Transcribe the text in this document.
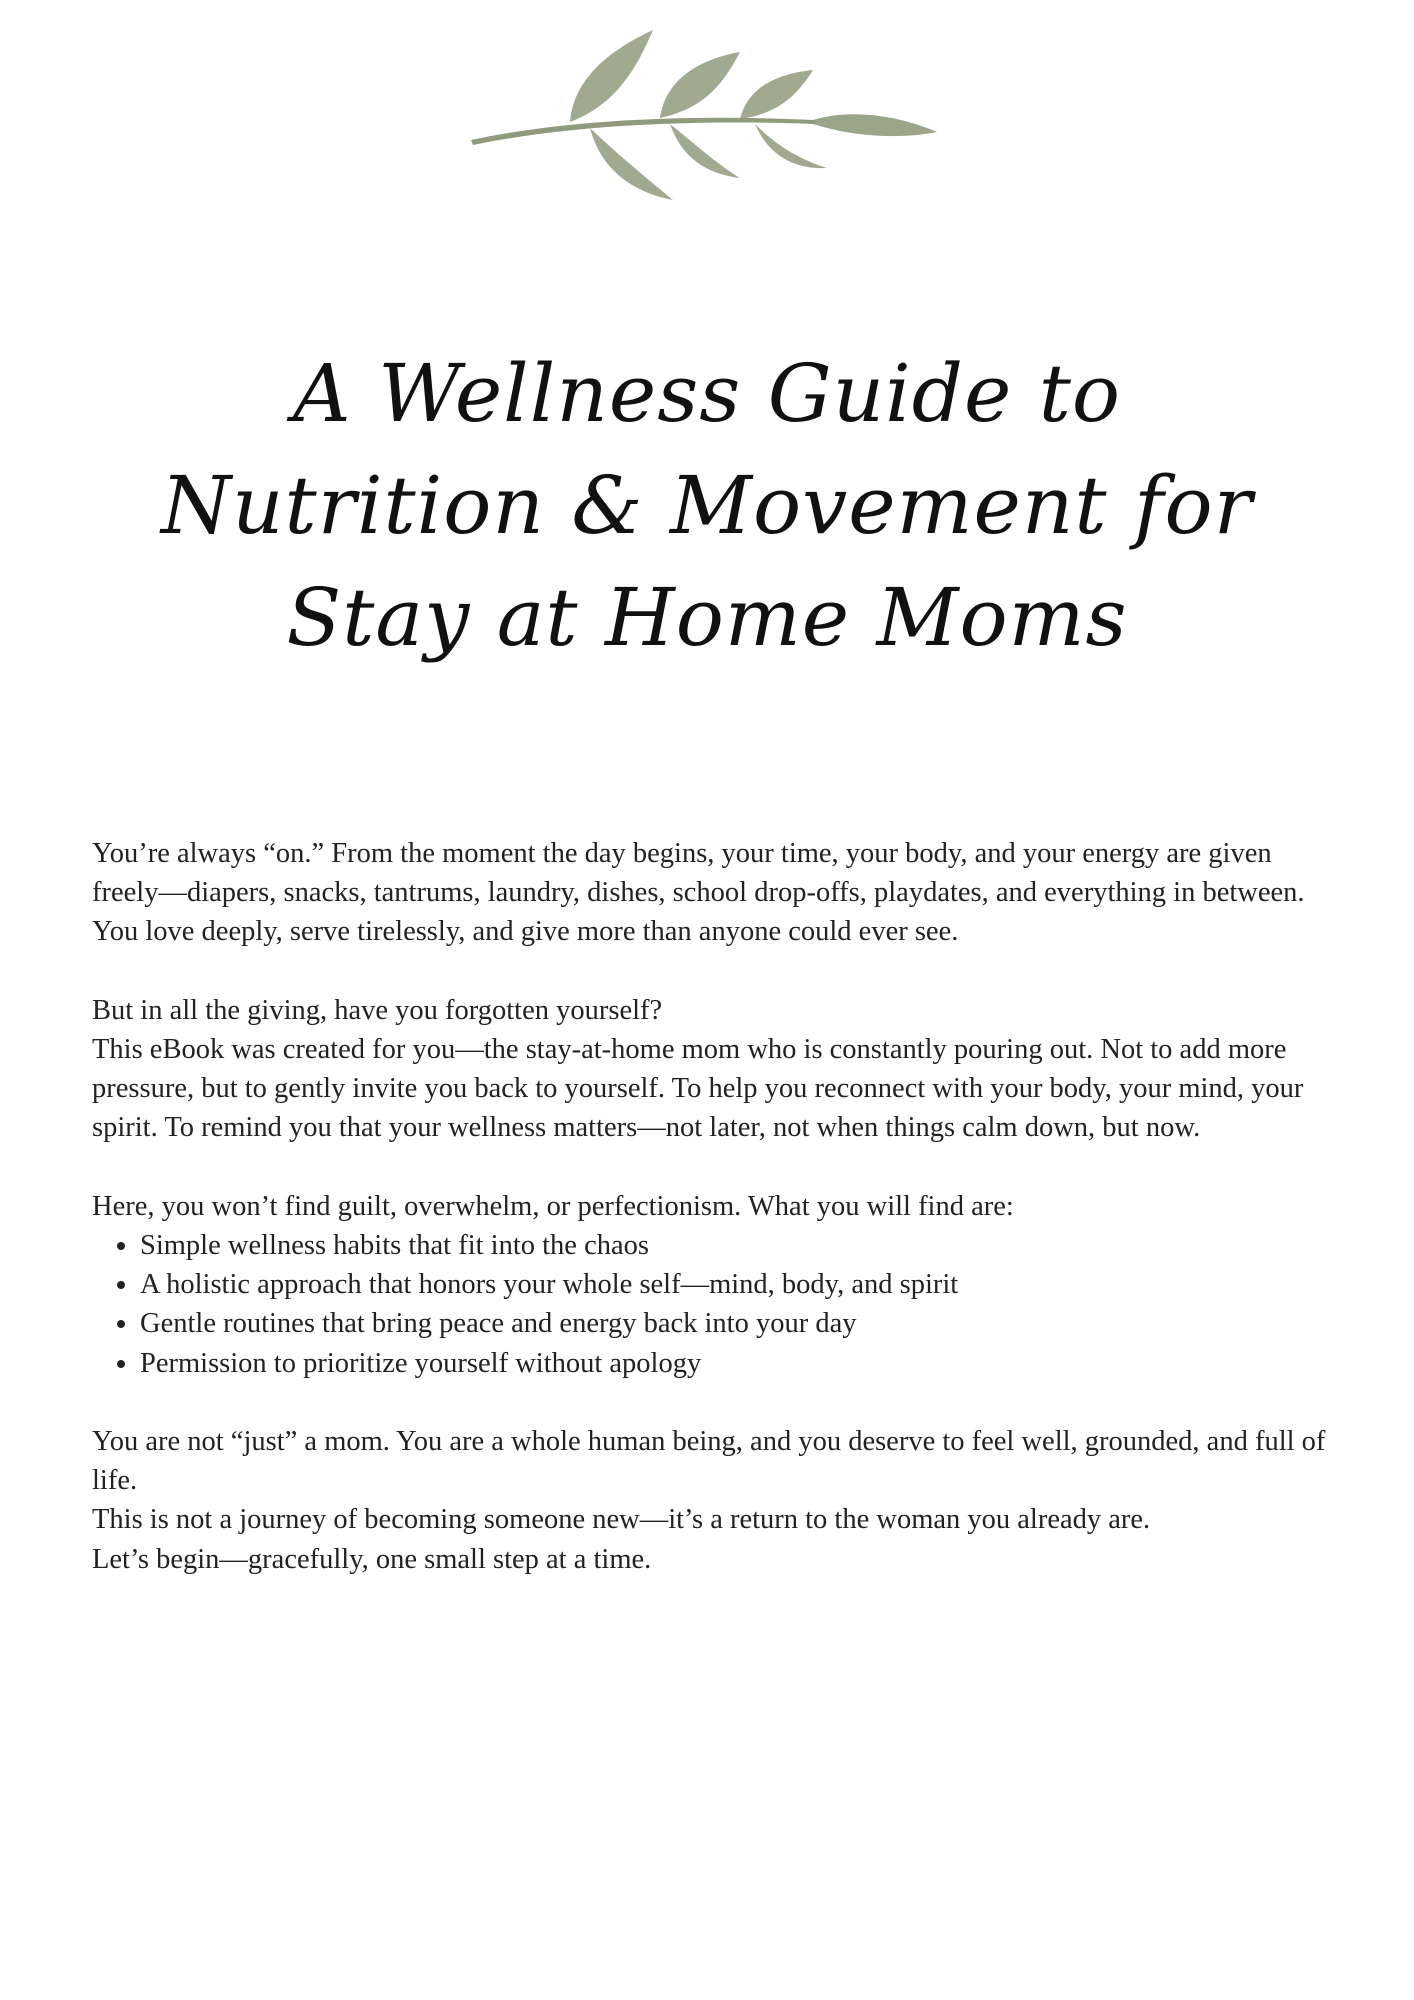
A Wellness Guide to
Nutrition & Movement for
Stay at Home Moms

You’re always “on.” From the moment the day begins, your time, your body, and your energy are given freely—diapers, snacks, tantrums, laundry, dishes, school drop-offs, playdates, and everything in between. You love deeply, serve tirelessly, and give more than anyone could ever see.

But in all the giving, have you forgotten yourself?

This eBook was created for you—the stay-at-home mom who is constantly pouring out. Not to add more pressure, but to gently invite you back to yourself. To help you reconnect with your body, your mind, your spirit. To remind you that your wellness matters—not later, not when things calm down, but now.

Here, you won’t find guilt, overwhelm, or perfectionism. What you will find are:

• Simple wellness habits that fit into the chaos
• A holistic approach that honors your whole self—mind, body, and spirit
• Gentle routines that bring peace and energy back into your day
• Permission to prioritize yourself without apology

You are not “just” a mom. You are a whole human being, and you deserve to feel well, grounded, and full of life.

This is not a journey of becoming someone new—it’s a return to the woman you already are.

Let’s begin—gracefully, one small step at a time.
